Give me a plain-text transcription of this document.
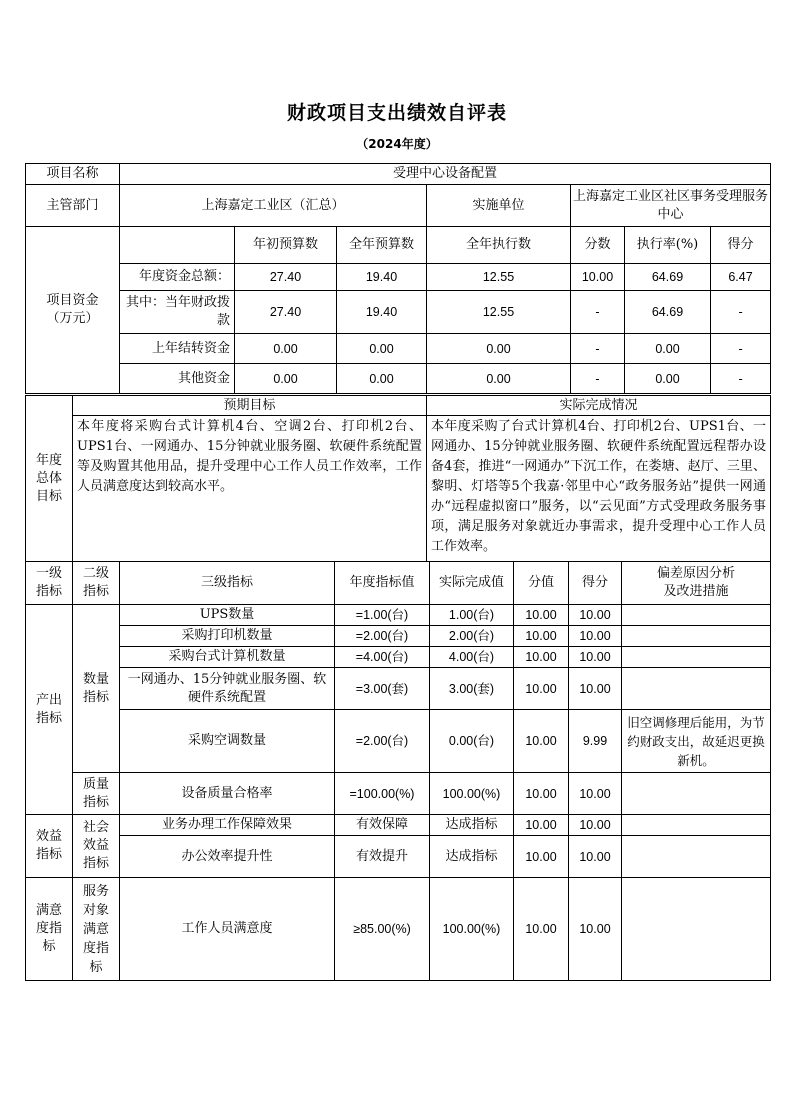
财政项目支出绩效自评表
（2024年度）
项目名称	受理中心设备配置						
主管部门	上海嘉定工业区（汇总）			实施单位	上海嘉定工业区社区事务受理服务中心		
项目资金
（万元）		年初预算数	全年预算数	全年执行数	分数	执行率(%)	得分
	年度资金总额：	27.40	19.40	12.55	10.00	64.69	6.47
	其中：当年财政拨款	27.40	19.40	12.55	-	64.69	-
	上年结转资金	0.00	0.00	0.00	-	0.00	-
	其他资金	0.00	0.00	0.00	-	0.00	-
年度
总体
目标	预期目标	实际完成情况
	本年度将采购台式计算机4台、空调2台、打印机2台、UPS1台、一网通办、15分钟就业服务圈、软硬件系统配置等及购置其他用品，提升受理中心工作人员工作效率，工作人员满意度达到较高水平。	本年度采购了台式计算机4台、打印机2台、UPS1台、一网通办、15分钟就业服务圈、软硬件系统配置远程帮办设备4套，推进“一网通办”下沉工作，在娄塘、赵厅、三里、黎明、灯塔等5个我嘉·邻里中心“政务服务站”提供一网通办“远程虚拟窗口”服务，以“云见面”方式受理政务服务事项，满足服务对象就近办事需求，提升受理中心工作人员工作效率。
一级
指标	二级
指标	三级指标	年度指标值	实际完成值	分值	得分	偏差原因分析
及改进措施
产出
指标	数量
指标	UPS数量	=1.00(台)	1.00(台)	10.00	10.00	
		采购打印机数量	=2.00(台)	2.00(台)	10.00	10.00	
		采购台式计算机数量	=4.00(台)	4.00(台)	10.00	10.00	
		一网通办、15分钟就业服务圈、软硬件系统配置	=3.00(套)	3.00(套)	10.00	10.00	
		采购空调数量	=2.00(台)	0.00(台)	10.00	9.99	旧空调修理后能用，为节约财政支出，故延迟更换新机。
	质量
指标	设备质量合格率	=100.00(%)	100.00(%)	10.00	10.00	
效益
指标	社会
效益
指标	业务办理工作保障效果	有效保障	达成指标	10.00	10.00	
		办公效率提升性	有效提升	达成指标	10.00	10.00	
满意
度指
标	服务
对象
满意
度指
标	工作人员满意度	≥85.00(%)	100.00(%)	10.00	10.00	
